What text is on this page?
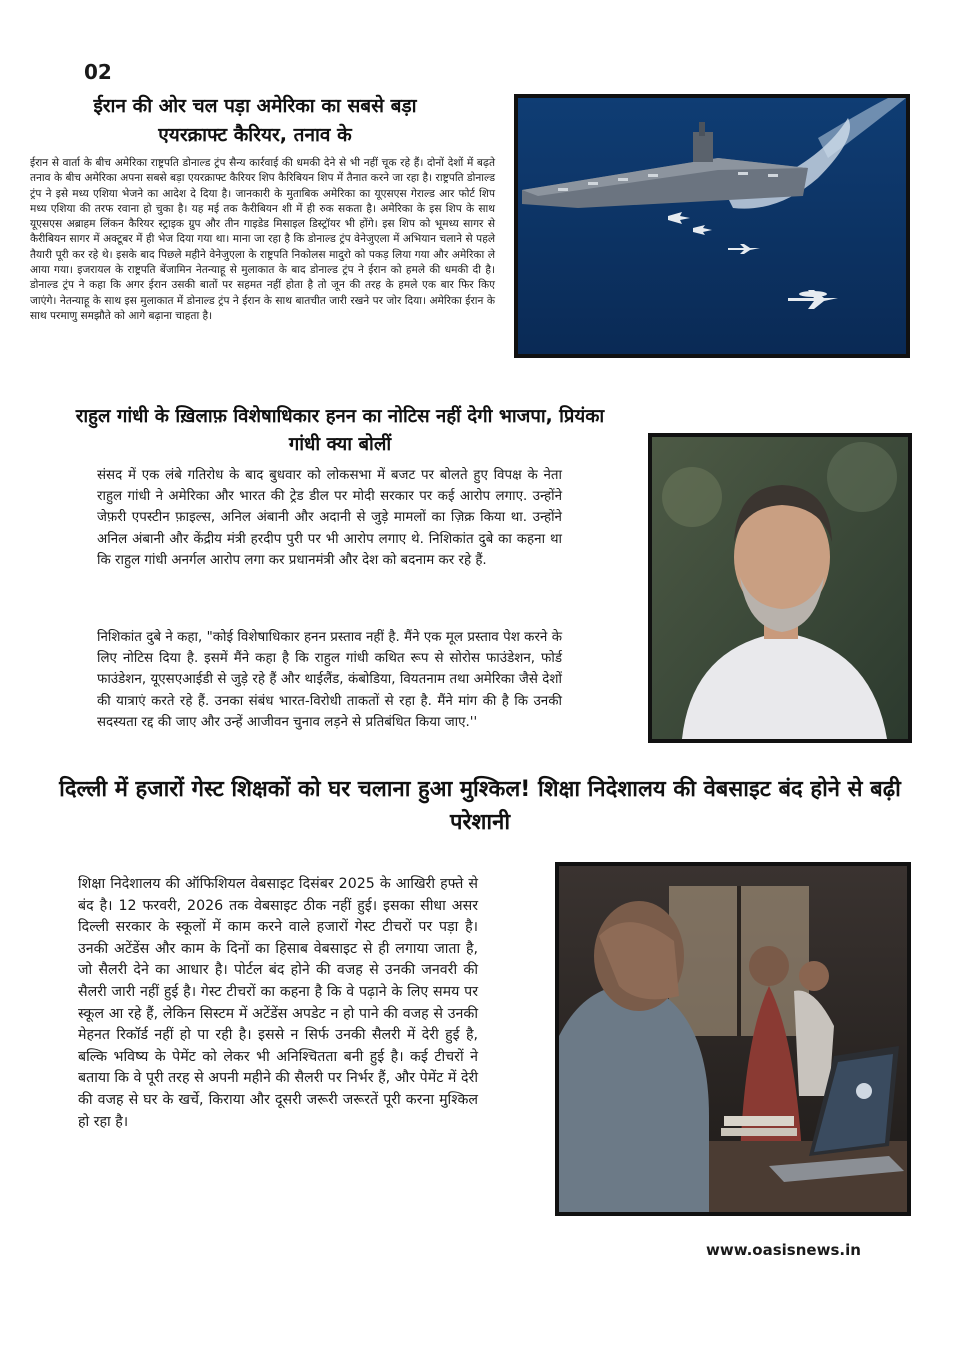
02
ईरान की ओर चल पड़ा अमेरिका का सबसे बड़ा एयरक्राफ्ट कैरियर, तनाव के
ईरान से वार्ता के बीच अमेरिका राष्ट्रपति डोनाल्ड ट्रंप सैन्य कार्रवाई की धमकी देने से भी नहीं चूक रहे हैं। दोनों देशों में बढ़ते तनाव के बीच अमेरिका अपना सबसे बड़ा एयरक्राफ्ट कैरियर शिप कैरिबियन शिप में तैनात करने जा रहा है। राष्ट्रपति डोनाल्ड ट्रंप ने इसे मध्य एशिया भेजने का आदेश दे दिया है। जानकारी के मुताबिक अमेरिका का यूएसएस गेराल्ड आर फोर्ट शिप मध्य एशिया की तरफ रवाना हो चुका है। यह मई तक कैरीबियन शी में ही रुक सकता है। अमेरिका के इस शिप के साथ यूएसएस अब्राहम लिंकन कैरियर स्ट्राइक ग्रुप और तीन गाइडेड मिसाइल डिस्ट्रॉयर भी होंगे। इस शिप को भूमध्य सागर से कैरीबियन सागर में अक्टूबर में ही भेज दिया गया था। माना जा रहा है कि डोनाल्ड ट्रंप वेनेजुएला में अभियान चलाने से पहले तैयारी पूरी कर रहे थे। इसके बाद पिछले महीने वेनेजुएला के राष्ट्रपति निकोलस मादुरो को पकड़ लिया गया और अमेरिका ले आया गया। इजरायल के राष्ट्रपति बेंजामिन नेतन्याहू से मुलाकात के बाद डोनाल्ड ट्रंप ने ईरान को हमले की धमकी दी है। डोनाल्ड ट्रंप ने कहा कि अगर ईरान उसकी बातों पर सहमत नहीं होता है तो जून की तरह के हमले एक बार फिर किए जाएंगे। नेतन्याहू के साथ इस मुलाकात में डोनाल्ड ट्रंप ने ईरान के साथ बातचीत जारी रखने पर जोर दिया। अमेरिका ईरान के साथ परमाणु समझौते को आगे बढ़ाना चाहता है।
राहुल गांधी के ख़िलाफ़ विशेषाधिकार हनन का नोटिस नहीं देगी भाजपा, प्रियंका गांधी क्या बोलीं
संसद में एक लंबे गतिरोध के बाद बुधवार को लोकसभा में बजट पर बोलते हुए विपक्ष के नेता राहुल गांधी ने अमेरिका और भारत की ट्रेड डील पर मोदी सरकार पर कई आरोप लगाए. उन्होंने जेफ़री एपस्टीन फ़ाइल्स, अनिल अंबानी और अदानी से जुड़े मामलों का ज़िक्र किया था. उन्होंने अनिल अंबानी और केंद्रीय मंत्री हरदीप पुरी पर भी आरोप लगाए थे. निशिकांत दुबे का कहना था कि राहुल गांधी अनर्गल आरोप लगा कर प्रधानमंत्री और देश को बदनाम कर रहे हैं.
निशिकांत दुबे ने कहा, "कोई विशेषाधिकार हनन प्रस्ताव नहीं है. मैंने एक मूल प्रस्ताव पेश करने के लिए नोटिस दिया है. इसमें मैंने कहा है कि राहुल गांधी कथित रूप से सोरोस फाउंडेशन, फोर्ड फाउंडेशन, यूएसएआईडी से जुड़े रहे हैं और थाईलैंड, कंबोडिया, वियतनाम तथा अमेरिका जैसे देशों की यात्राएं करते रहे हैं. उनका संबंध भारत-विरोधी ताकतों से रहा है. मैंने मांग की है कि उनकी सदस्यता रद्द की जाए और उन्हें आजीवन चुनाव लड़ने से प्रतिबंधित किया जाए.''
दिल्ली में हजारों गेस्ट शिक्षकों को घर चलाना हुआ मुश्किल! शिक्षा निदेशालय की वेबसाइट बंद होने से बढ़ी परेशानी
शिक्षा निदेशालय की ऑफिशियल वेबसाइट दिसंबर 2025 के आखिरी हफ्ते से बंद है। 12 फरवरी, 2026 तक वेबसाइट ठीक नहीं हुई। इसका सीधा असर दिल्ली सरकार के स्कूलों में काम करने वाले हजारों गेस्ट टीचरों पर पड़ा है। उनकी अटेंडेंस और काम के दिनों का हिसाब वेबसाइट से ही लगाया जाता है, जो सैलरी देने का आधार है। पोर्टल बंद होने की वजह से उनकी जनवरी की सैलरी जारी नहीं हुई है। गेस्ट टीचरों का कहना है कि वे पढ़ाने के लिए समय पर स्कूल आ रहे हैं, लेकिन सिस्टम में अटेंडेंस अपडेट न हो पाने की वजह से उनकी मेहनत रिकॉर्ड नहीं हो पा रही है। इससे न सिर्फ उनकी सैलरी में देरी हुई है, बल्कि भविष्य के पेमेंट को लेकर भी अनिश्चितता बनी हुई है। कई टीचरों ने बताया कि वे पूरी तरह से अपनी महीने की सैलरी पर निर्भर हैं, और पेमेंट में देरी की वजह से घर के खर्चे, किराया और दूसरी जरूरी जरूरतें पूरी करना मुश्किल हो रहा है।
www.oasisnews.in
